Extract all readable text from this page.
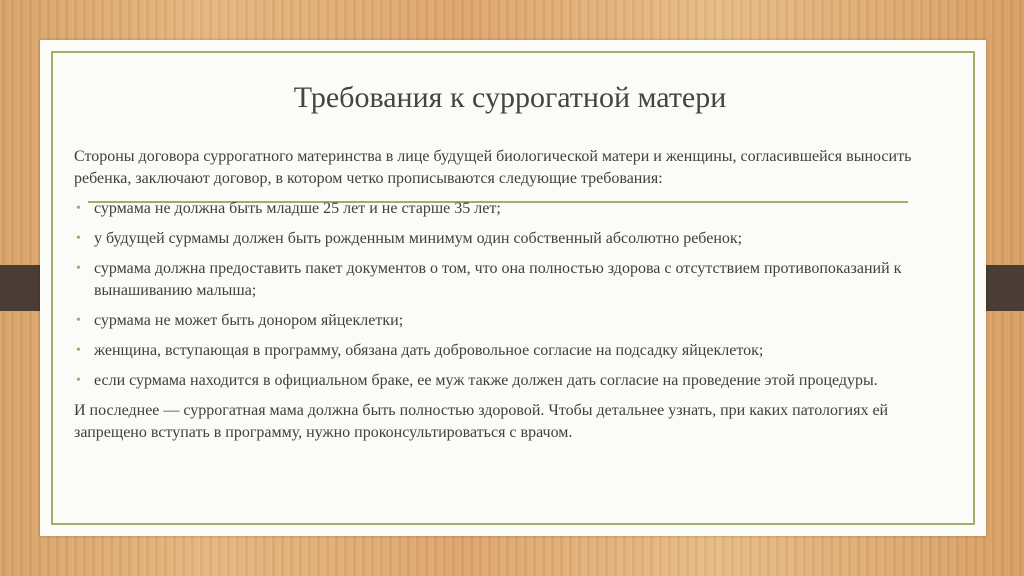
Требования к суррогатной матери

Стороны договора суррогатного материнства в лице будущей биологической матери и женщины, согласившейся выносить ребенка, заключают договор, в котором четко прописываются следующие требования:

• сурмама не должна быть младше 25 лет и не старше 35 лет;
• у будущей сурмамы должен быть рожденным минимум один собственный абсолютно ребенок;
• сурмама должна предоставить пакет документов о том, что она полностью здорова с отсутствием противопоказаний к вынашиванию малыша;
• сурмама не может быть донором яйцеклетки;
• женщина, вступающая в программу, обязана дать добровольное согласие на подсадку яйцеклеток;
• если сурмама находится в официальном браке, ее муж также должен дать согласие на проведение этой процедуры.

И последнее — суррогатная мама должна быть полностью здоровой. Чтобы детальнее узнать, при каких патологиях ей запрещено вступать в программу, нужно проконсультироваться с врачом.
